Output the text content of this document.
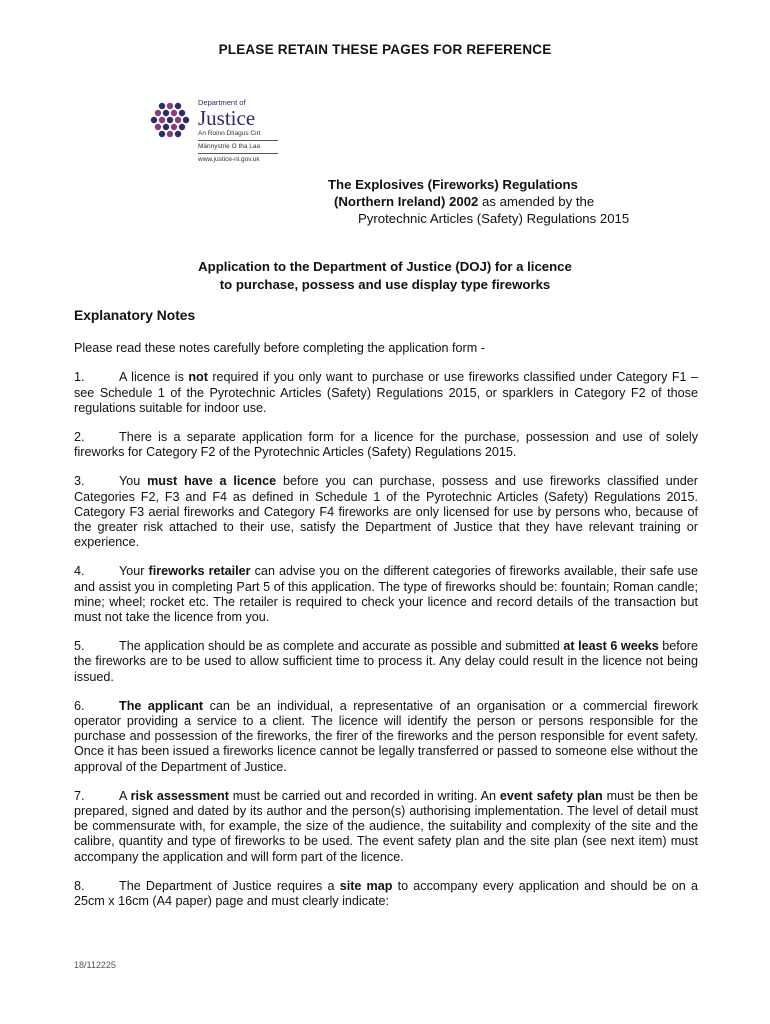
PLEASE RETAIN THESE PAGES FOR REFERENCE
Department of
Justice
An Roinn Dlíagus Cirt
Männystrie O tha Laa
www.justice-ni.gov.uk
The Explosives (Fireworks) Regulations
(Northern Ireland) 2002 as amended by the
Pyrotechnic Articles (Safety) Regulations 2015
Application to the Department of Justice (DOJ) for a licence
to purchase, possess and use display type fireworks
Explanatory Notes
Please read these notes carefully before completing the application form -
1.	A licence is not required if you only want to purchase or use fireworks classified under Category F1 – see Schedule 1 of the Pyrotechnic Articles (Safety) Regulations 2015, or sparklers in Category F2 of those regulations suitable for indoor use.
2.	There is a separate application form for a licence for the purchase, possession and use of solely fireworks for Category F2 of the Pyrotechnic Articles (Safety) Regulations 2015.
3.	You must have a licence before you can purchase, possess and use fireworks classified under Categories F2, F3 and F4 as defined in Schedule 1 of the Pyrotechnic Articles (Safety) Regulations 2015. Category F3 aerial fireworks and Category F4 fireworks are only licensed for use by persons who, because of the greater risk attached to their use, satisfy the Department of Justice that they have relevant training or experience.
4.	Your fireworks retailer can advise you on the different categories of fireworks available, their safe use and assist you in completing Part 5 of this application. The type of fireworks should be: fountain; Roman candle; mine; wheel; rocket etc. The retailer is required to check your licence and record details of the transaction but must not take the licence from you.
5.	The application should be as complete and accurate as possible and submitted at least 6 weeks before the fireworks are to be used to allow sufficient time to process it. Any delay could result in the licence not being issued.
6.	The applicant can be an individual, a representative of an organisation or a commercial firework operator providing a service to a client. The licence will identify the person or persons responsible for the purchase and possession of the fireworks, the firer of the fireworks and the person responsible for event safety. Once it has been issued a fireworks licence cannot be legally transferred or passed to someone else without the approval of the Department of Justice.
7.	A risk assessment must be carried out and recorded in writing. An event safety plan must be then be prepared, signed and dated by its author and the person(s) authorising implementation. The level of detail must be commensurate with, for example, the size of the audience, the suitability and complexity of the site and the calibre, quantity and type of fireworks to be used. The event safety plan and the site plan (see next item) must accompany the application and will form part of the licence.
8.	The Department of Justice requires a site map to accompany every application and should be on a 25cm x 16cm (A4 paper) page and must clearly indicate:
18/112225
